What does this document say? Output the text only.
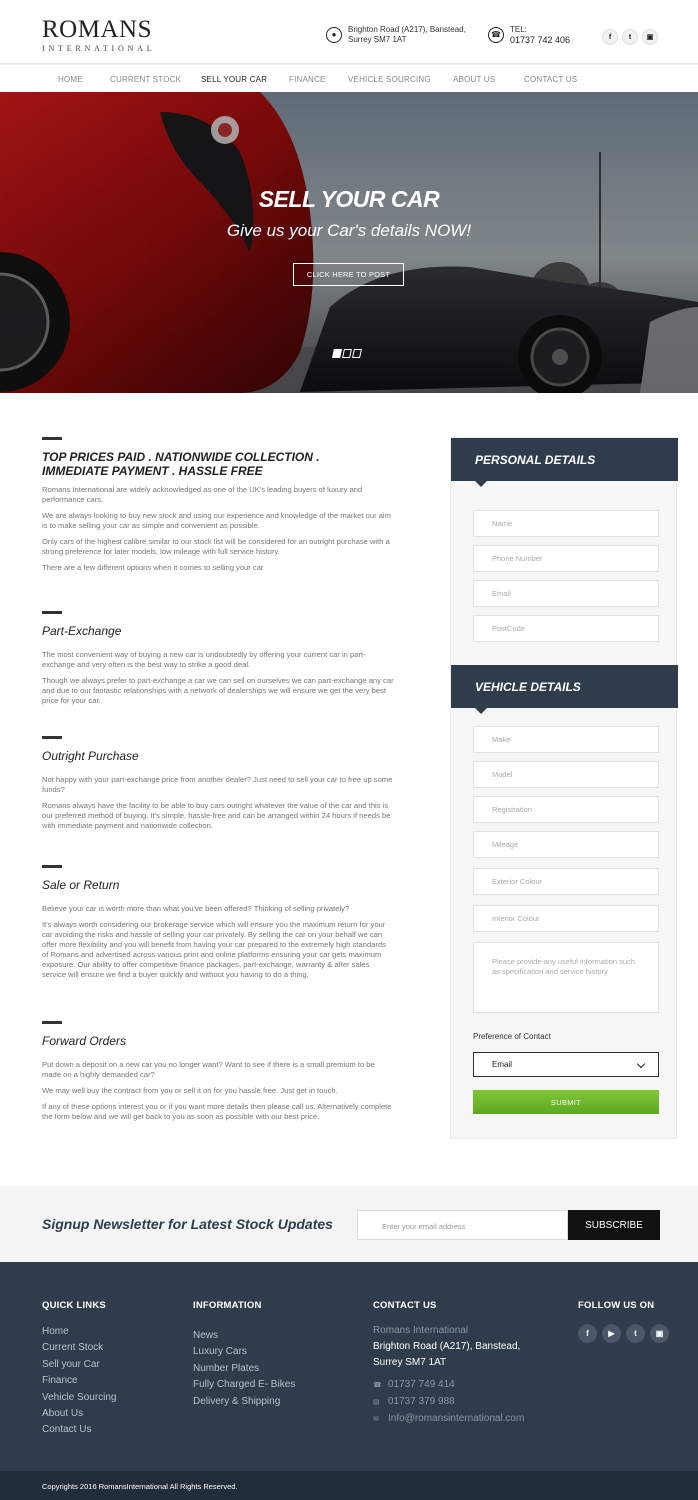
ROMANS
INTERNATIONAL
●
Brighton Road (A217), Banstead,
Surrey SM7 1AT
☎
TEL:
01737 742 406	f	t	▣
HOME	CURRENT STOCK SELL YOUR CAR	FINANCE	VEHICLE SOURCING	ABOUT US	CONTACT US
SELL YOUR CAR
Give us your Car's details NOW!
CLICK HERE TO POST
TOP PRICES PAID . NATIONWIDE COLLECTION .
IMMEDIATE PAYMENT . HASSLE FREE
Romans International are widely acknowledged as one of the UK's leading buyers of luxury and performance cars.
We are always looking to buy new stock and using our experience and knowledge of the market our aim is to make selling your car as simple and convenient as possible.
Only cars of the highest calibre similar to our stock list will be considered for an outright purchase with a strong preference for later models, low mileage with full service history.
There are a few different options when it comes to selling your car
Part-Exchange
The most convenient way of buying a new car is undoubtedly by offering your current car in part-exchange and very often is the best way to strike a good deal.
Though we always prefer to part-exchange a car we can sell on ourselves we can part-exchange any car and due to our fantastic relationships with a network of dealerships we will ensure we get the very best price for your car.
Outright Purchase
Not happy with your part-exchange price from another dealer? Just need to sell your car to free up some funds?
Romans always have the facility to be able to buy cars outright whatever the value of the car and this is our preferred method of buying. It's simple, hassle-free and can be arranged within 24 hours if needs be with immediate payment and nationwide collection.
Sale or Return
Believe your car is worth more than what you've been offered? Thinking of selling privately?
It's always worth considering our brokerage service which will ensure you the maximum return for your car avoiding the risks and hassle of selling your car privately. By selling the car on your behalf we can offer more flexibility and you will benefit from having your car prepared to the extremely high standards of Romans and advertised across various print and online platforms ensuring your car gets maximum exposure. Our ability to offer competitive finance packages, part-exchange, warranty & after sales service will ensure we find a buyer quickly and without you having to do a thing.
Forward Orders
Put down a deposit on a new car you no longer want? Want to see if there is a small premium to be made on a highly demanded car?
We may well buy the contract from you or sell it on for you hassle free. Just get in touch.
If any of these options interest you or if you want more details then please call us. Alternatively complete the form below and we will get back to you as soon as possible with our best price.
PERSONAL DETAILS
Name
Phone Number
Email
PostCode
VEHICLE DETAILS
Make
Model
Registration
Mileage
Exterior Colour
Interior Colour
Please provide any useful information such as specification and service history
Preference of Contact
Email
SUBMIT
Signup Newsletter for Latest Stock Updates	Enter your email address	SUBSCRIBE
QUICK LINKS
Home
Current Stock
Sell your Car
Finance
Vehicle Sourcing
About Us
Contact Us
INFORMATION
News
Luxury Cars
Number Plates
Fully Charged E- Bikes
Delivery & Shipping
CONTACT US
Romans International
Brighton Road (A217), Banstead,
Surrey SM7 1AT
☎ 01737 749 414
▤ 01737 379 988
✉ Info@romansinternational.com
FOLLOW US ON
f	▶	t	▣
Copyrights 2016 RomansInternational All Rights Reserved.
